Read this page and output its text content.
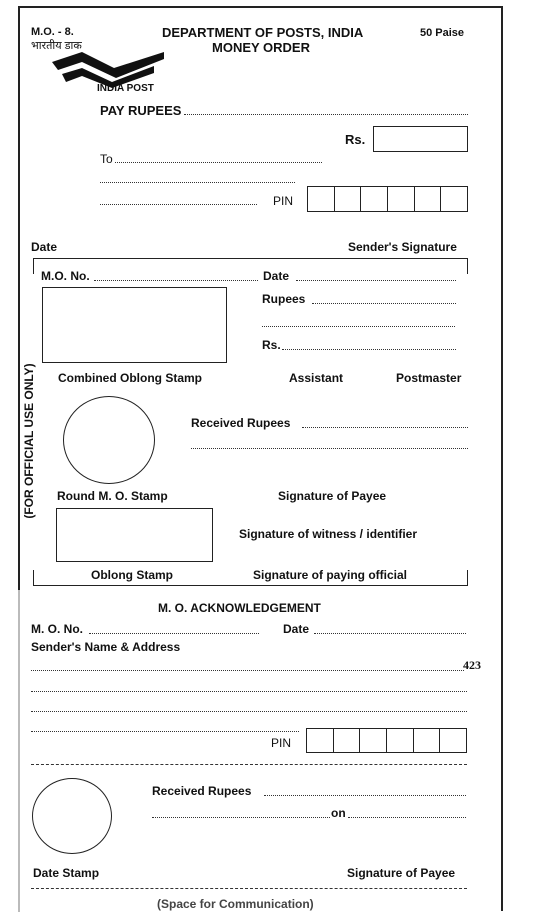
M.O. - 8.
भारतीय डाक
DEPARTMENT OF POSTS, INDIA
MONEY ORDER
50 Paise
INDIA POST
PAY RUPEES
Rs.
To
PIN
Date	Sender's Signature
(FOR OFFICIAL USE ONLY)
M.O. No.	Date
Rupees
Rs.
Combined Oblong Stamp	Assistant	Postmaster
Received Rupees
Round M. O. Stamp	Signature of Payee
Signature of witness / identifier
Oblong Stamp	Signature of paying official
M. O. ACKNOWLEDGEMENT
M. O. No.	Date
Sender's Name & Address
423
PIN
Received Rupees
on
Date Stamp	Signature of Payee
(Space for Communication)
